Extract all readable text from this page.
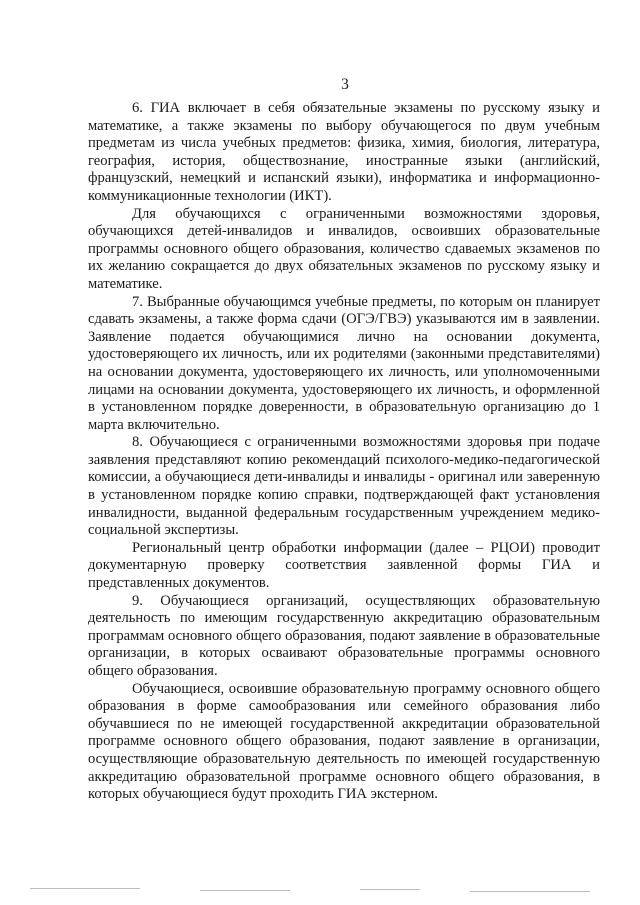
3

6. ГИА включает в себя обязательные экзамены по русскому языку и математике, а также экзамены по выбору обучающегося по двум учебным предметам из числа учебных предметов: физика, химия, биология, литература, география, история, обществознание, иностранные языки (английский, французский, немецкий и испанский языки), информатика и информационно-коммуникационные технологии (ИКТ).

Для обучающихся с ограниченными возможностями здоровья, обучающихся детей-инвалидов и инвалидов, освоивших образовательные программы основного общего образования, количество сдаваемых экзаменов по их желанию сокращается до двух обязательных экзаменов по русскому языку и математике.

7. Выбранные обучающимся учебные предметы, по которым он планирует сдавать экзамены, а также форма сдачи (ОГЭ/ГВЭ) указываются им в заявлении. Заявление подается обучающимися лично на основании документа, удостоверяющего их личность, или их родителями (законными представителями) на основании документа, удостоверяющего их личность, или уполномоченными лицами на основании документа, удостоверяющего их личность, и оформленной в установленном порядке доверенности, в образовательную организацию до 1 марта включительно.

8. Обучающиеся с ограниченными возможностями здоровья при подаче заявления представляют копию рекомендаций психолого-медико-педагогической комиссии, а обучающиеся дети-инвалиды и инвалиды - оригинал или заверенную в установленном порядке копию справки, подтверждающей факт установления инвалидности, выданной федеральным государственным учреждением медико-социальной экспертизы.

Региональный центр обработки информации (далее – РЦОИ) проводит документарную проверку соответствия заявленной формы ГИА и представленных документов.

9. Обучающиеся организаций, осуществляющих образовательную деятельность по имеющим государственную аккредитацию образовательным программам основного общего образования, подают заявление в образовательные организации, в которых осваивают образовательные программы основного общего образования.

Обучающиеся, освоившие образовательную программу основного общего образования в форме самообразования или семейного образования либо обучавшиеся по не имеющей государственной аккредитации образовательной программе основного общего образования, подают заявление в организации, осуществляющие образовательную деятельность по имеющей государственную аккредитацию образовательной программе основного общего образования, в которых обучающиеся будут проходить ГИА экстерном.
